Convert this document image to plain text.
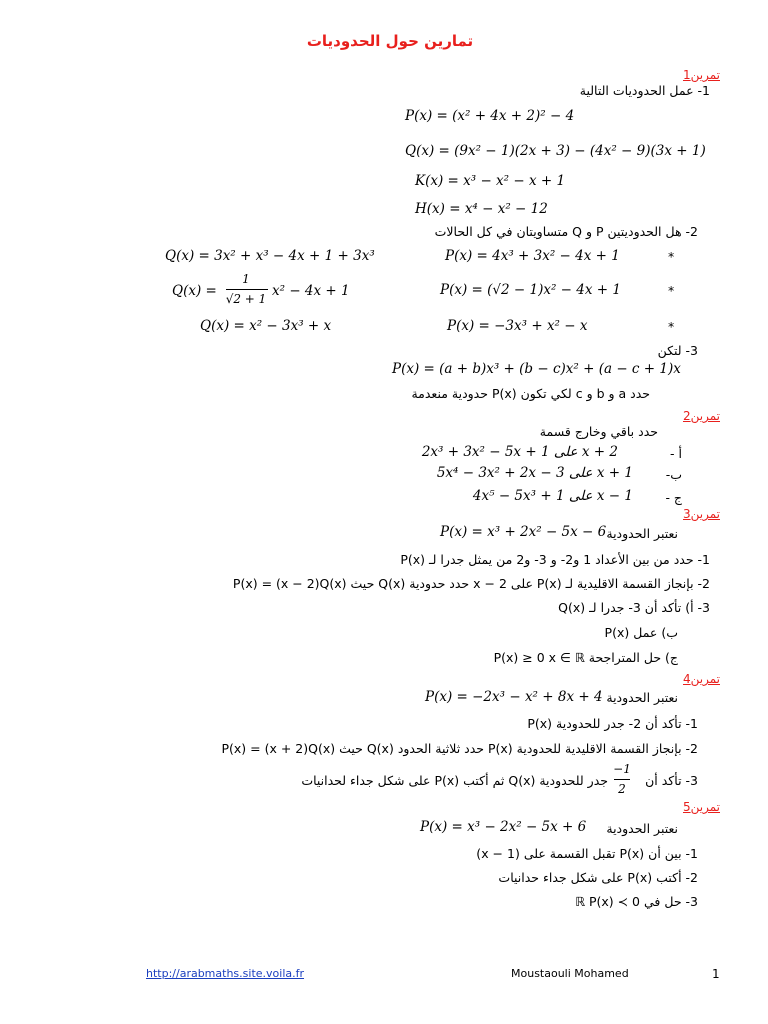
تمارين حول الحدوديات
تمرين1
1- عمل الحدوديات التالية
P(x) = (x² + 4x + 2)² − 4
Q(x) = (9x² − 1)(2x + 3) − (4x² − 9)(3x + 1)
K(x) = x³ − x² − x + 1
H(x) = x⁴ − x² − 12
2- هل الحدوديتين P و Q متساويتان في كل الحالات
*
P(x) = 4x³ + 3x² − 4x + 1
Q(x) = 3x² + x³ − 4x + 1 + 3x³
*
P(x) = (√2 − 1)x² − 4x + 1
Q(x) =
1
√2 + 1 x² − 4x + 1
*
P(x) = −3x³ + x² − x
Q(x) = x² − 3x³ + x
3- لتكن
P(x) = (a + b)x³ + (b − c)x² + (a − c + 1)x
حدد a و b و c لكي تكون P(x) حدودية منعدمة
تمرين2
حدد باقي وخارج قسمة
أ -
2x³ + 3x² − 5x + 1 على x + 2
ب-
5x⁴ − 3x² + 2x − 3 على x + 1
ج -
4x⁵ − 5x³ + 1 على x − 1
تمرين3
نعتبر الحدودية
P(x) = x³ + 2x² − 5x − 6
1- حدد من بين الأعداد 1 و2- و 3- و2 من يمثل جدرا لـ P(x)
2- بإنجاز القسمة الاقليدية لـ P(x) على x − 2 حدد حدودية Q(x) حيث P(x) = (x − 2)Q(x)
3- أ) تأكد أن 3- جدرا لـ Q(x)
ب) عمل P(x)
ج) حل المتراجحة P(x) ≥ 0 x ∈ ℝ
تمرين4
نعتبر الحدودية
P(x) = −2x³ − x² + 8x + 4
1- تأكد أن 2- جدر للحدودية P(x)
2- بإنجاز القسمة الاقليدية للحدودية P(x) حدد ثلاثية الحدود Q(x) حيث P(x) = (x + 2)Q(x)
3- تأكد أن
−1
2
جدر للحدودية Q(x) ثم أكتب P(x) على شكل جداء لحدانيات
تمرين5
نعتبر الحدودية
P(x) = x³ − 2x² − 5x + 6
1- بين أن P(x) تقبل القسمة على (x − 1)
2- أكتب P(x) على شكل جداء حدانيات
3- حل في ℝ P(x) ≺ 0
http://arabmaths.site.voila.fr	Moustaouli Mohamed	1
